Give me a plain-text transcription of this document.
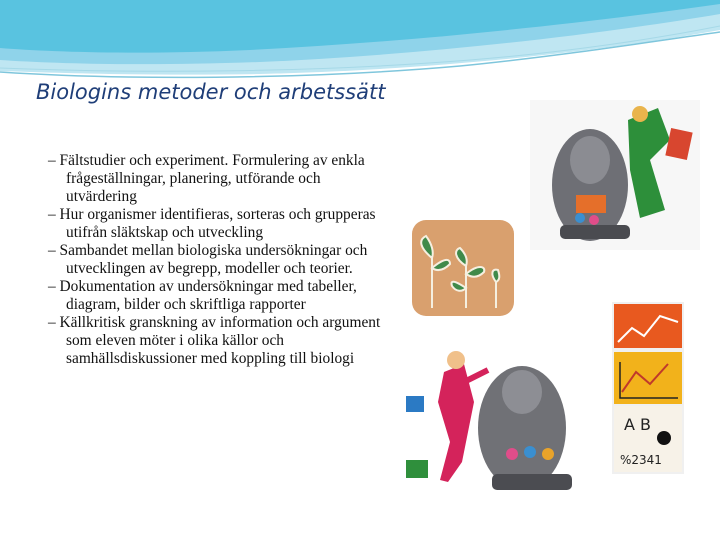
Biologins metoder och arbetssätt
– Fältstudier och experiment. Formulering av enkla frågeställningar, planering, utförande och utvärdering
– Hur organismer identifieras, sorteras och grupperas utifrån släktskap och utveckling
– Sambandet mellan biologiska undersökningar och utvecklingen av begrepp, modeller och teorier.
– Dokumentation av undersökningar med tabeller, diagram, bilder och skriftliga rapporter
– Källkritisk granskning av information och argument som eleven möter i olika källor och samhällsdiskussioner med koppling till biologi
A B
%2341
